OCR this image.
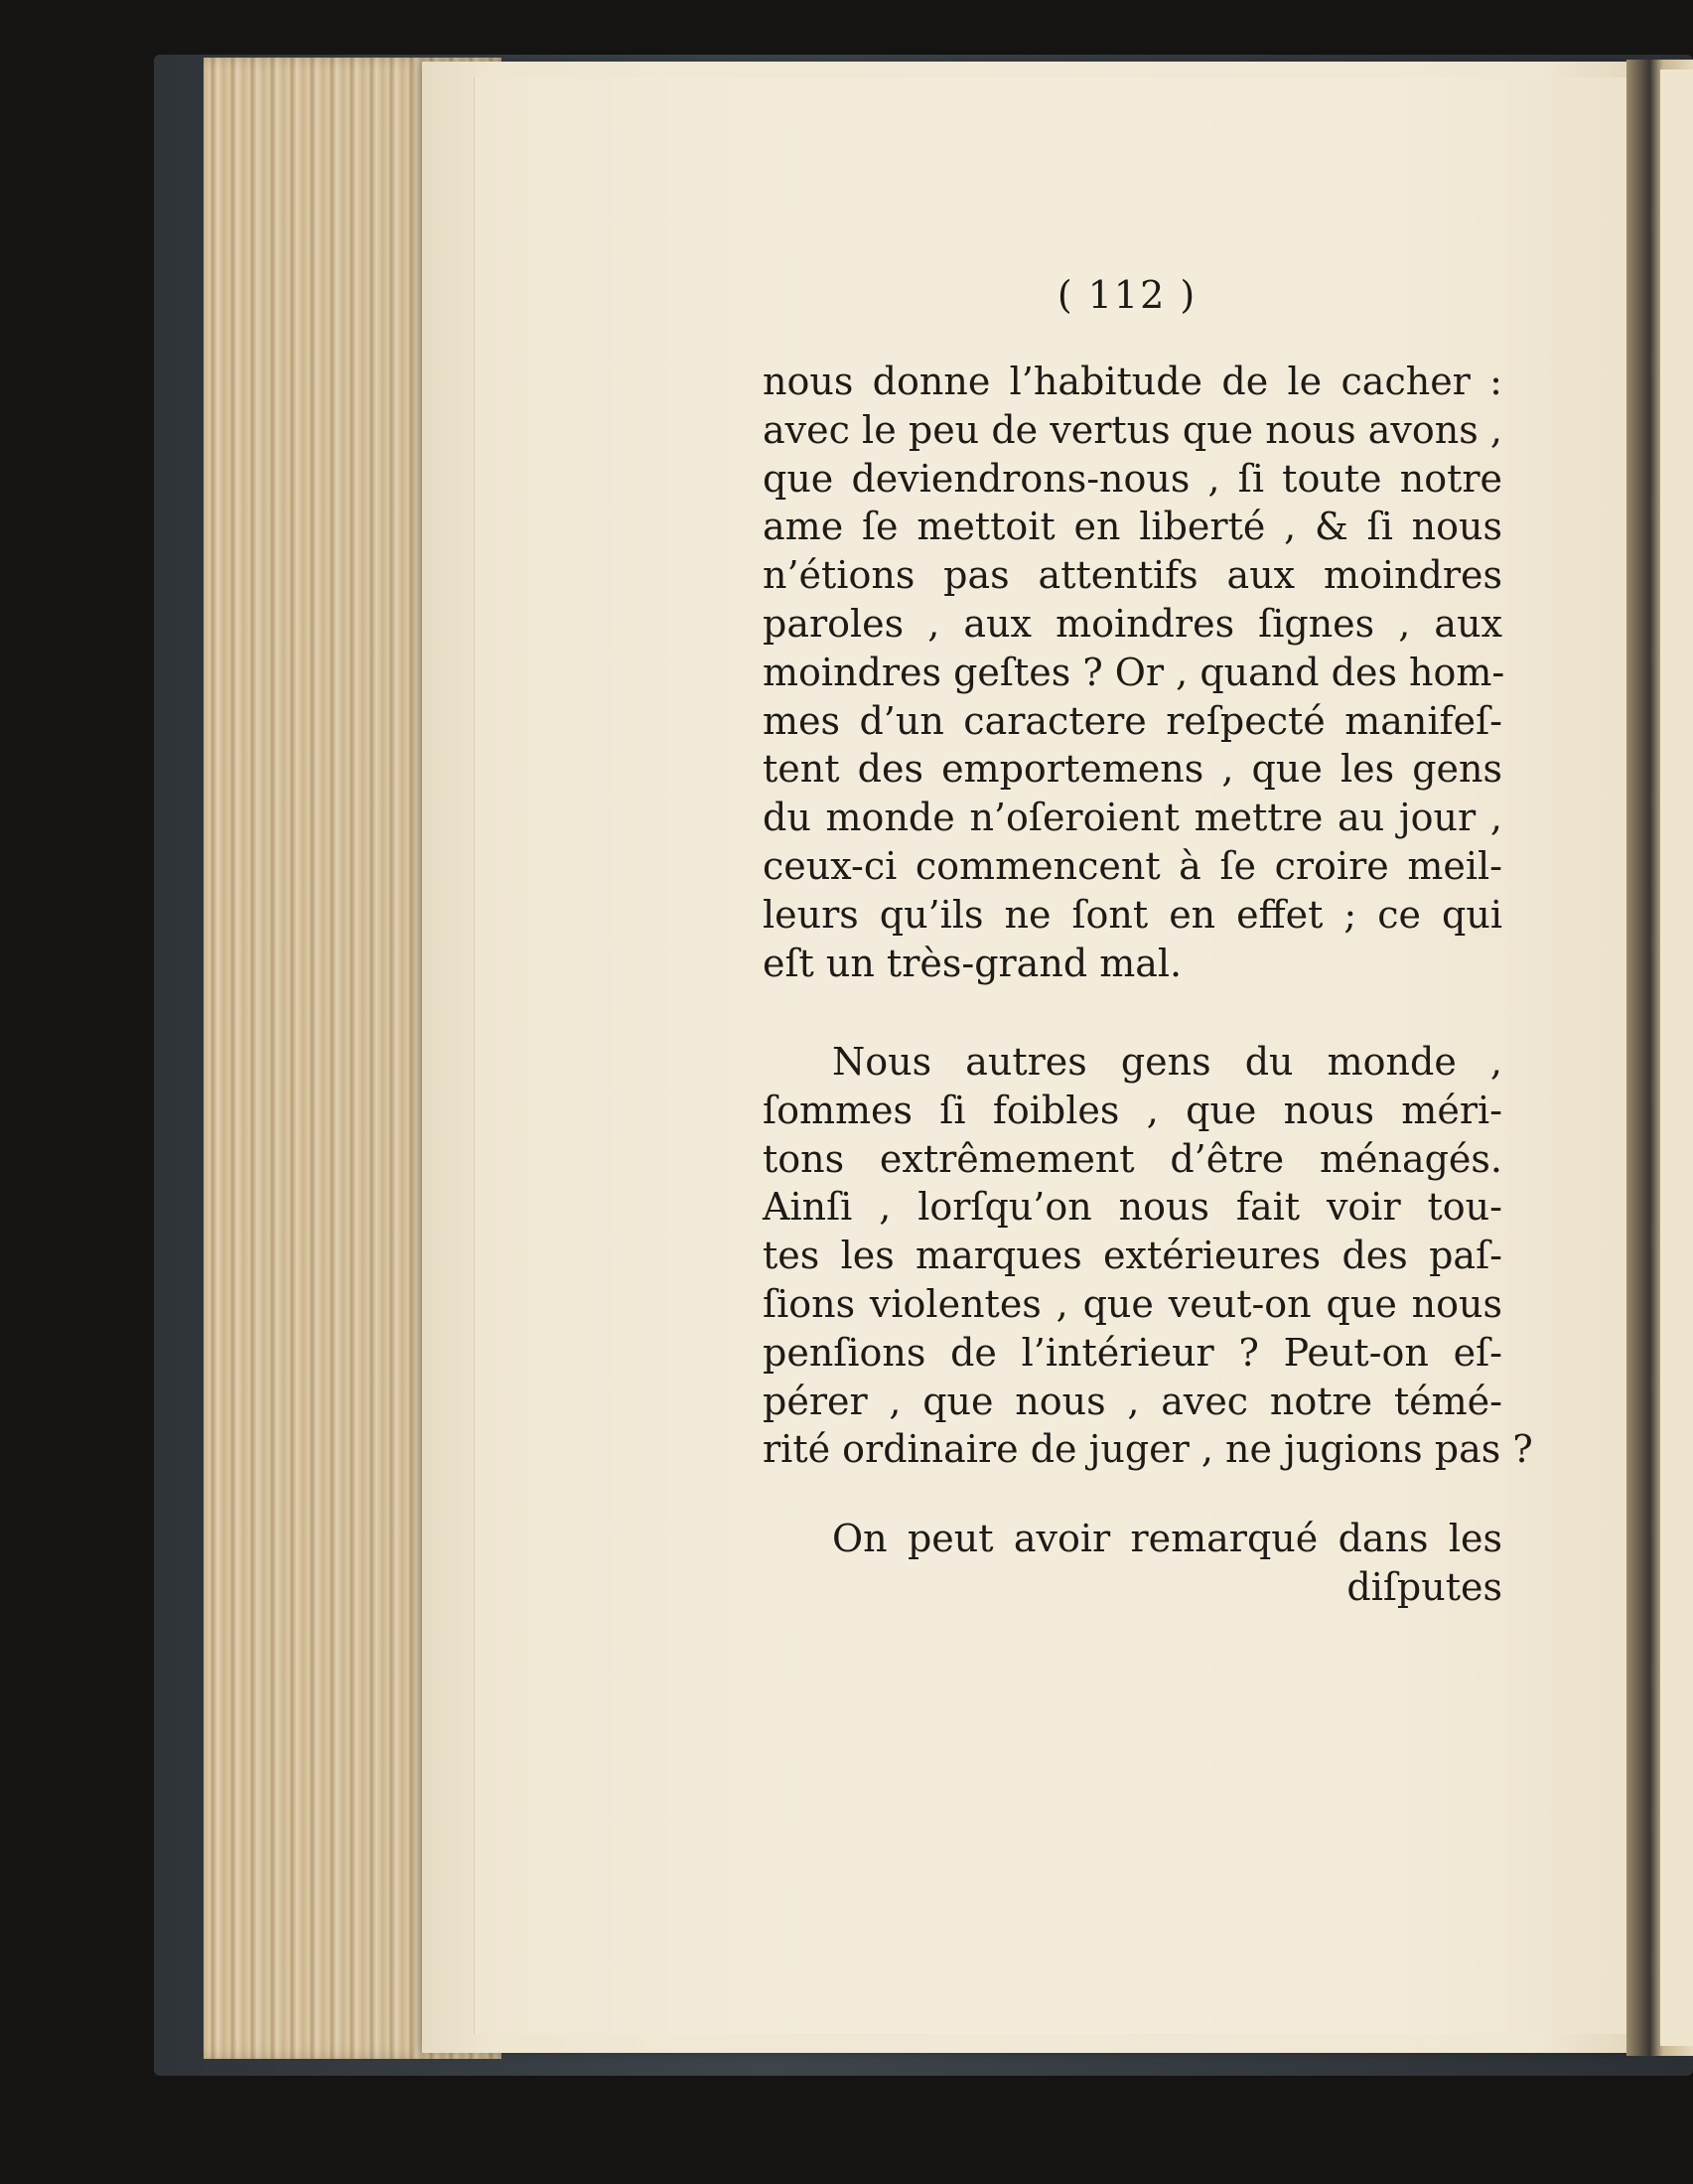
( 112 )
nous donne l’habitude de le cacher :
avec le peu de vertus que nous avons ,
que deviendrons-nous , ſi toute notre
ame ſe mettoit en liberté , & ſi nous
n’étions pas attentifs aux moindres
paroles , aux moindres ſignes , aux
moindres geſtes ? Or , quand des hom-
mes d’un caractere reſpecté manifeſ-
tent des emportemens , que les gens
du monde n’oſeroient mettre au jour ,
ceux-ci commencent à ſe croire meil-
leurs qu’ils ne ſont en effet ; ce qui
eſt un très-grand mal.
Nous autres gens du monde ,
ſommes ſi foibles , que nous méri-
tons extrêmement d’être ménagés.
Ainſi , lorſqu’on nous fait voir tou-
tes les marques extérieures des paſ-
ſions violentes , que veut-on que nous
penſions de l’intérieur ? Peut-on eſ-
pérer , que nous , avec notre témé-
rité ordinaire de juger , ne jugions pas ?
On peut avoir remarqué dans les
diſputes
